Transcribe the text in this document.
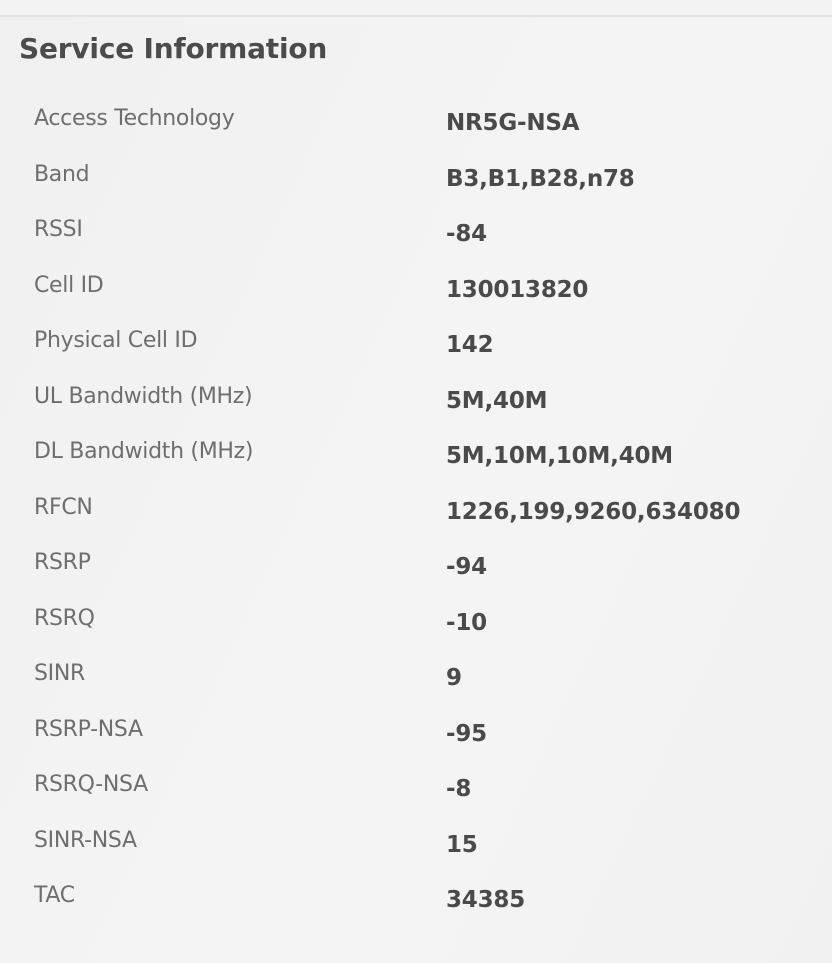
Service Information
Access Technology	NR5G-NSA
Band	B3,B1,B28,n78
RSSI	-84
Cell ID	130013820
Physical Cell ID	142
UL Bandwidth (MHz)	5M,40M
DL Bandwidth (MHz)	5M,10M,10M,40M
RFCN	1226,199,9260,634080
RSRP	-94
RSRQ	-10
SINR	9
RSRP-NSA	-95
RSRQ-NSA	-8
SINR-NSA	15
TAC	34385
